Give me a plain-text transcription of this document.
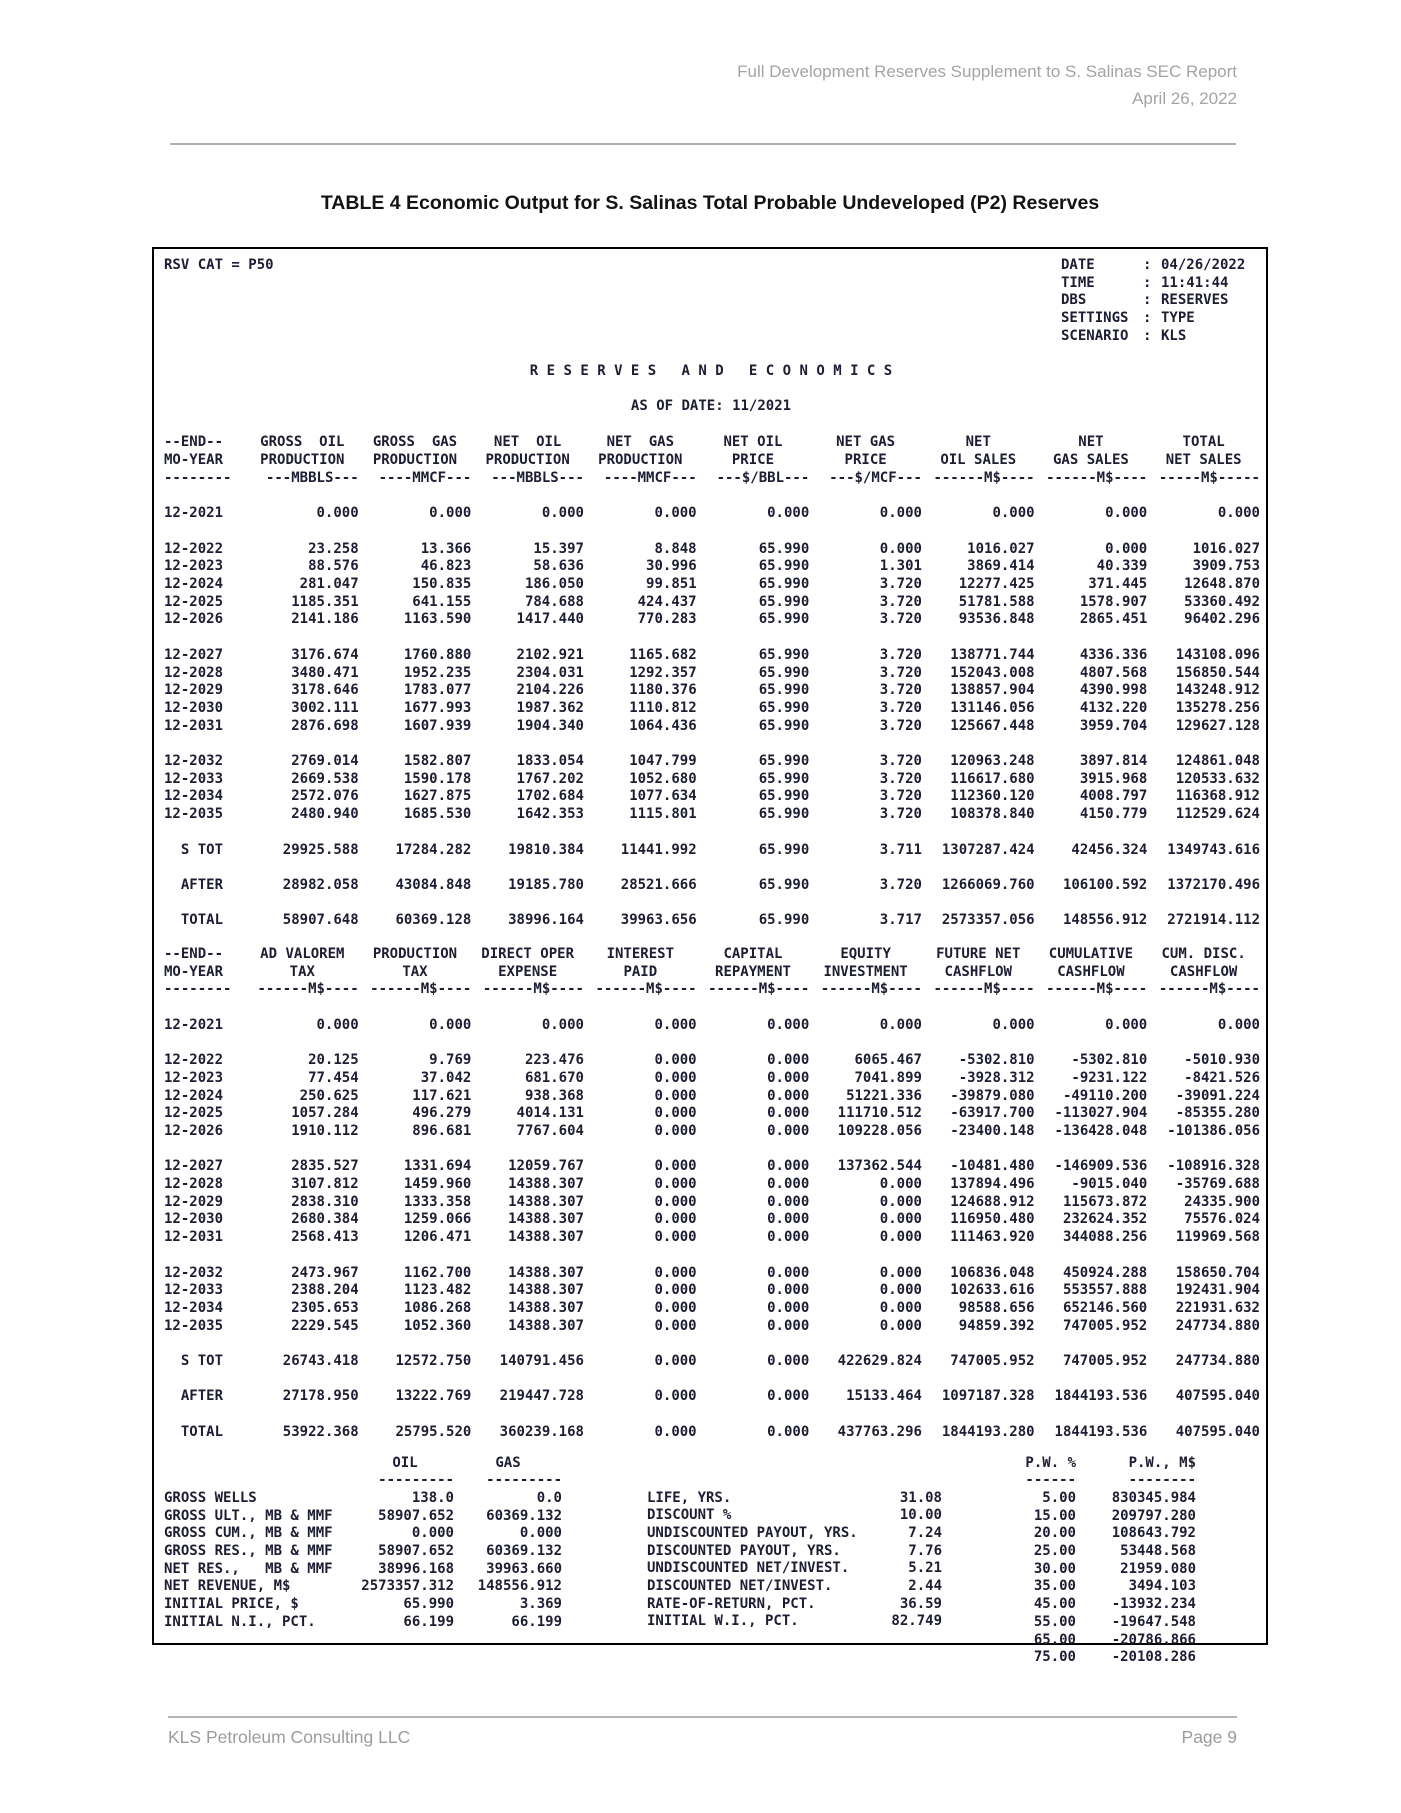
Full Development Reserves Supplement to S. Salinas SEC Report
April 26, 2022
TABLE 4 Economic Output for S. Salinas Total Probable Undeveloped (P2) Reserves
RSV CAT = P50	DATE	:	04/26/2022
TIME	:	11:41:44
DBS	:	RESERVES
SETTINGS	:	TYPE
SCENARIO	:	KLS
R E S E R V E S   A N D   E C O N O M I C S
AS OF DATE: 11/2021
--END--	GROSS  OIL	GROSS  GAS	NET  OIL	NET  GAS	NET OIL	NET GAS	NET	NET	TOTAL
MO-YEAR	PRODUCTION	PRODUCTION	PRODUCTION	PRODUCTION	PRICE	PRICE	OIL SALES	GAS SALES	NET SALES
--------	---MBBLS---	----MMCF---	---MBBLS---	----MMCF---	---$/BBL---	---$/MCF---	------M$----	------M$----	-----M$-----
12-2021	0.000	0.000	0.000	0.000	0.000	0.000	0.000	0.000	0.000
12-2022	23.258	13.366	15.397	8.848	65.990	0.000	1016.027	0.000	1016.027
12-2023	88.576	46.823	58.636	30.996	65.990	1.301	3869.414	40.339	3909.753
12-2024	281.047	150.835	186.050	99.851	65.990	3.720	12277.425	371.445	12648.870
12-2025	1185.351	641.155	784.688	424.437	65.990	3.720	51781.588	1578.907	53360.492
12-2026	2141.186	1163.590	1417.440	770.283	65.990	3.720	93536.848	2865.451	96402.296
12-2027	3176.674	1760.880	2102.921	1165.682	65.990	3.720	138771.744	4336.336	143108.096
12-2028	3480.471	1952.235	2304.031	1292.357	65.990	3.720	152043.008	4807.568	156850.544
12-2029	3178.646	1783.077	2104.226	1180.376	65.990	3.720	138857.904	4390.998	143248.912
12-2030	3002.111	1677.993	1987.362	1110.812	65.990	3.720	131146.056	4132.220	135278.256
12-2031	2876.698	1607.939	1904.340	1064.436	65.990	3.720	125667.448	3959.704	129627.128
12-2032	2769.014	1582.807	1833.054	1047.799	65.990	3.720	120963.248	3897.814	124861.048
12-2033	2669.538	1590.178	1767.202	1052.680	65.990	3.720	116617.680	3915.968	120533.632
12-2034	2572.076	1627.875	1702.684	1077.634	65.990	3.720	112360.120	4008.797	116368.912
12-2035	2480.940	1685.530	1642.353	1115.801	65.990	3.720	108378.840	4150.779	112529.624
S TOT	29925.588	17284.282	19810.384	11441.992	65.990	3.711	1307287.424	42456.324	1349743.616
AFTER	28982.058	43084.848	19185.780	28521.666	65.990	3.720	1266069.760	106100.592	1372170.496
TOTAL	58907.648	60369.128	38996.164	39963.656	65.990	3.717	2573357.056	148556.912	2721914.112
--END--	AD VALOREM	PRODUCTION	DIRECT OPER	INTEREST	CAPITAL	EQUITY	FUTURE NET	CUMULATIVE	CUM. DISC.
MO-YEAR	TAX	TAX	EXPENSE	PAID	REPAYMENT	INVESTMENT	CASHFLOW	CASHFLOW	CASHFLOW
--------	------M$----	------M$----	------M$----	------M$----	------M$----	------M$----	------M$----	------M$----	------M$----
12-2021	0.000	0.000	0.000	0.000	0.000	0.000	0.000	0.000	0.000
12-2022	20.125	9.769	223.476	0.000	0.000	6065.467	-5302.810	-5302.810	-5010.930
12-2023	77.454	37.042	681.670	0.000	0.000	7041.899	-3928.312	-9231.122	-8421.526
12-2024	250.625	117.621	938.368	0.000	0.000	51221.336	-39879.080	-49110.200	-39091.224
12-2025	1057.284	496.279	4014.131	0.000	0.000	111710.512	-63917.700	-113027.904	-85355.280
12-2026	1910.112	896.681	7767.604	0.000	0.000	109228.056	-23400.148	-136428.048	-101386.056
12-2027	2835.527	1331.694	12059.767	0.000	0.000	137362.544	-10481.480	-146909.536	-108916.328
12-2028	3107.812	1459.960	14388.307	0.000	0.000	0.000	137894.496	-9015.040	-35769.688
12-2029	2838.310	1333.358	14388.307	0.000	0.000	0.000	124688.912	115673.872	24335.900
12-2030	2680.384	1259.066	14388.307	0.000	0.000	0.000	116950.480	232624.352	75576.024
12-2031	2568.413	1206.471	14388.307	0.000	0.000	0.000	111463.920	344088.256	119969.568
12-2032	2473.967	1162.700	14388.307	0.000	0.000	0.000	106836.048	450924.288	158650.704
12-2033	2388.204	1123.482	14388.307	0.000	0.000	0.000	102633.616	553557.888	192431.904
12-2034	2305.653	1086.268	14388.307	0.000	0.000	0.000	98588.656	652146.560	221931.632
12-2035	2229.545	1052.360	14388.307	0.000	0.000	0.000	94859.392	747005.952	247734.880
S TOT	26743.418	12572.750	140791.456	0.000	0.000	422629.824	747005.952	747005.952	247734.880
AFTER	27178.950	13222.769	219447.728	0.000	0.000	15133.464	1097187.328	1844193.536	407595.040
TOTAL	53922.368	25795.520	360239.168	0.000	0.000	437763.296	1844193.280	1844193.536	407595.040
	OIL	GAS
	---------	---------
GROSS WELLS	138.0	0.0
GROSS ULT., MB & MMF	58907.652	60369.132
GROSS CUM., MB & MMF	0.000	0.000
GROSS RES., MB & MMF	58907.652	60369.132
NET RES.,   MB & MMF	38996.168	39963.660
NET REVENUE, M$	2573357.312	148556.912
INITIAL PRICE, $	65.990	3.369
INITIAL N.I., PCT.	66.199	66.199
LIFE, YRS.	31.08
DISCOUNT %	10.00
UNDISCOUNTED PAYOUT, YRS.	7.24
DISCOUNTED PAYOUT, YRS.	7.76
UNDISCOUNTED NET/INVEST.	5.21
DISCOUNTED NET/INVEST.	2.44
RATE-OF-RETURN, PCT.	36.59
INITIAL W.I., PCT.	82.749
P.W. %	P.W., M$
------	--------
5.00	830345.984
15.00	209797.280
20.00	108643.792
25.00	53448.568
30.00	21959.080
35.00	3494.103
45.00	-13932.234
55.00	-19647.548
65.00	-20786.866
75.00	-20108.286
KLS Petroleum Consulting LLC	Page 9
